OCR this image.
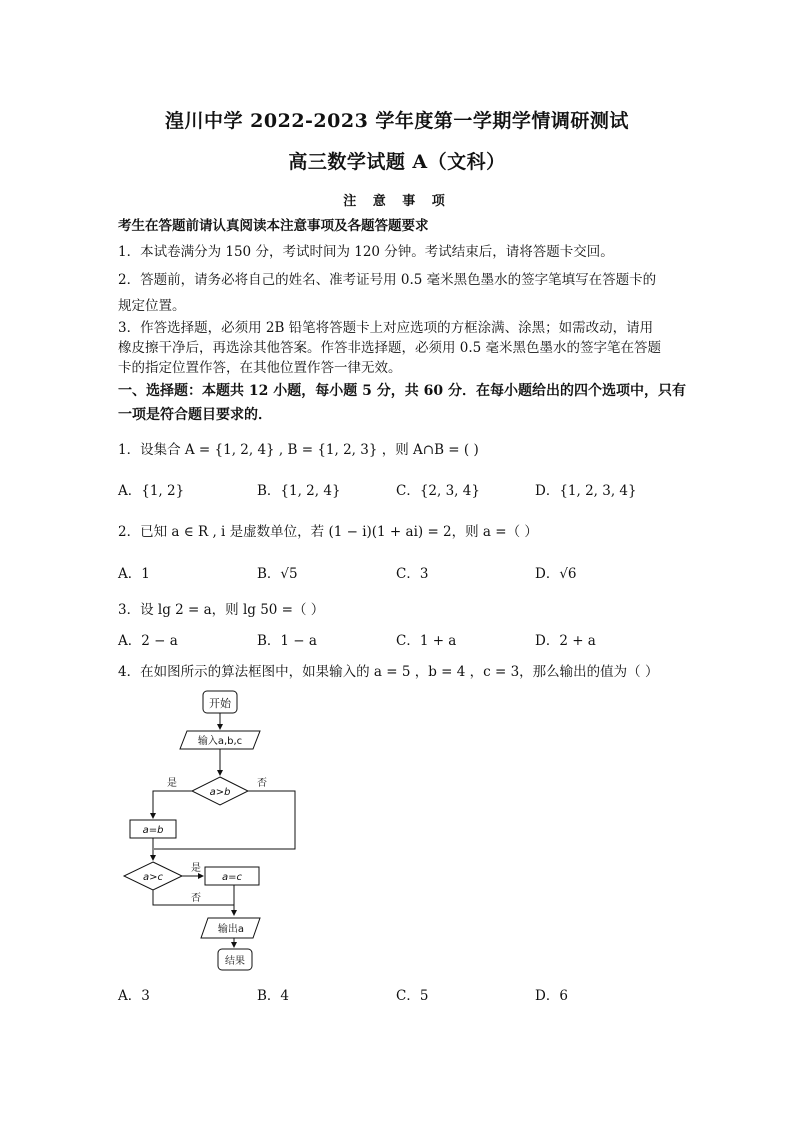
湟川中学 2022-2023 学年度第一学期学情调研测试
高三数学试题 A（文科）
注 意 事 项
考生在答题前请认真阅读本注意事项及各题答题要求
1．本试卷满分为 150 分，考试时间为 120 分钟。考试结束后，请将答题卡交回。
2．答题前，请务必将自己的姓名、准考证号用 0.5 毫米黑色墨水的签字笔填写在答题卡的
规定位置。
3．作答选择题，必须用 2B 铅笔将答题卡上对应选项的方框涂满、涂黑；如需改动，请用
橡皮擦干净后，再选涂其他答案。作答非选择题，必须用 0.5 毫米黑色墨水的签字笔在答题
卡的指定位置作答，在其他位置作答一律无效。
一、选择题：本题共 12 小题，每小题 5 分，共 60 分．在每小题给出的四个选项中，只有
一项是符合题目要求的．
1．设集合 A = {1, 2, 4} , B = {1, 2, 3} ，则 A∩B = ( )
A．{1, 2}	B．{1, 2, 4}	C．{2, 3, 4}	D．{1, 2, 3, 4}
2．已知 a ∈ R , i 是虚数单位，若 (1 − i)(1 + ai) = 2，则 a =（ ）
A．1	B．√5	C．3	D．√6
3．设 lg 2 = a，则 lg 50 =（ ）
A．2 − a	B．1 − a	C．1 + a	D．2 + a
4．在如图所示的算法框图中，如果输入的 a = 5 ，b = 4 ，c = 3，那么输出的值为（ ）
开始
输入a,b,c
a>b
是	否
a=b
a>c
是
a=c
否
输出a
结果
A．3	B．4	C．5	D．6
